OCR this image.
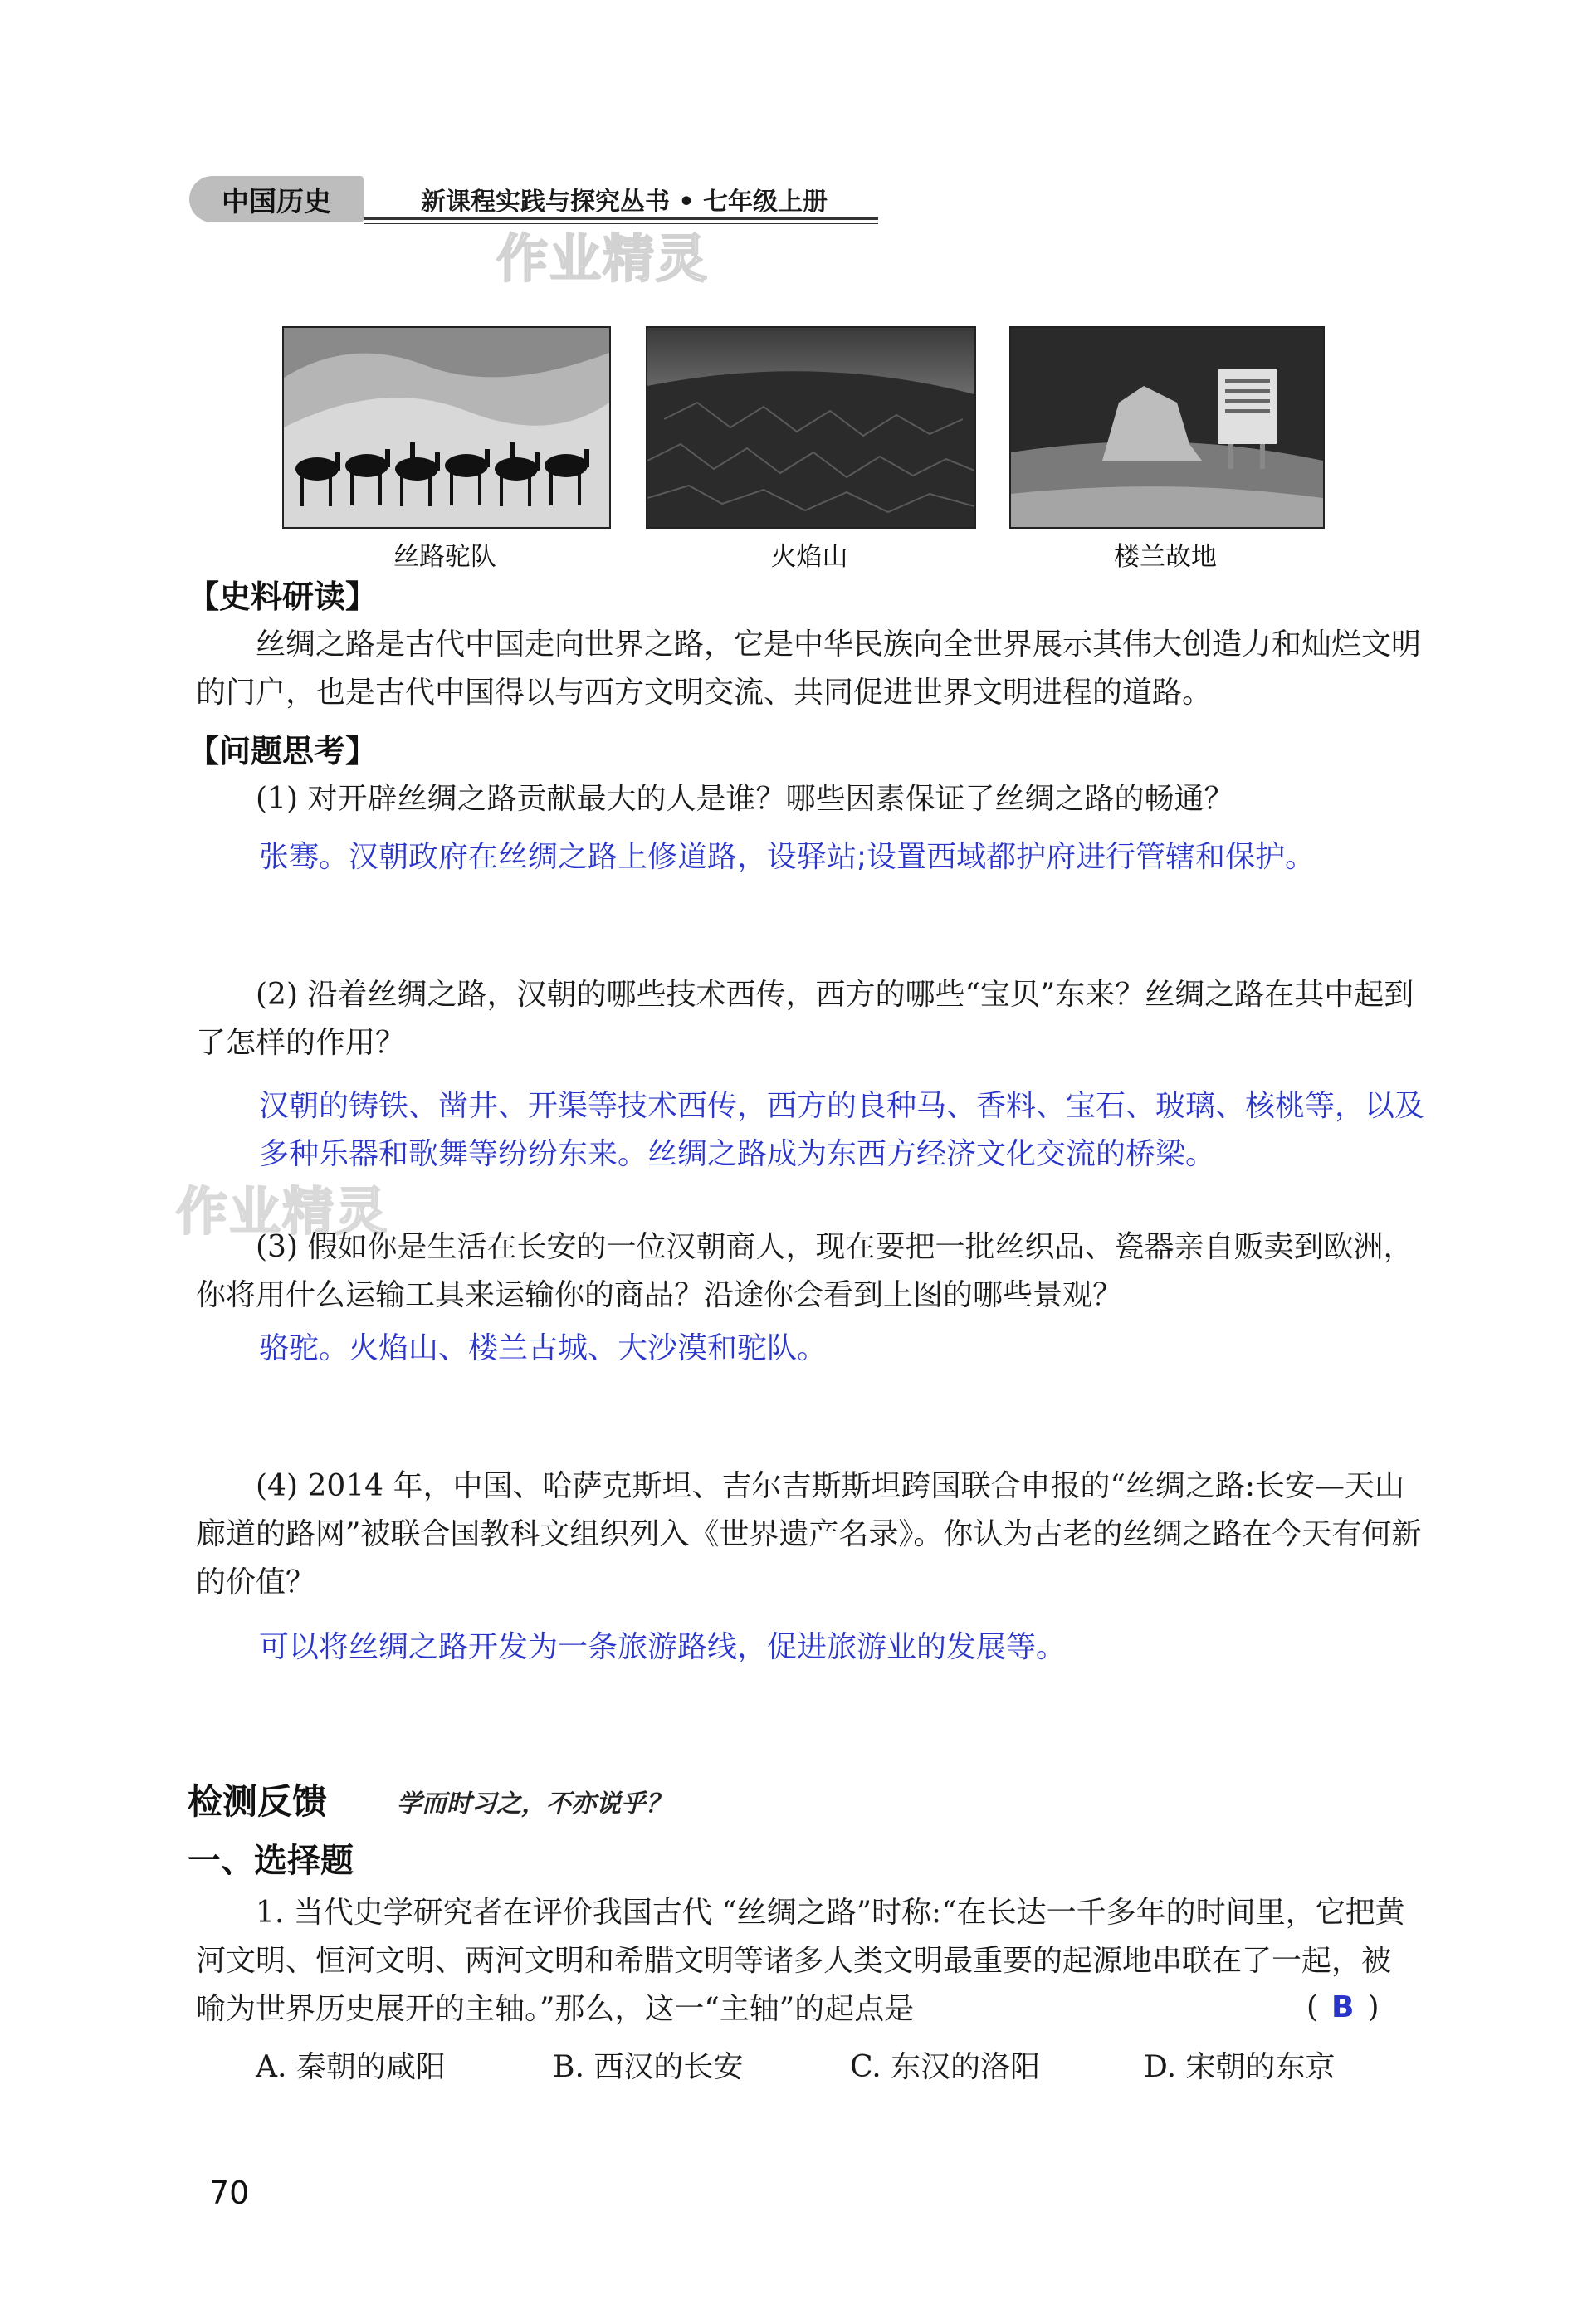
中国历史	新课程实践与探究丛书 • 七年级上册
作业精灵
丝路驼队	火焰山	楼兰故地
【史料研读】
丝绸之路是古代中国走向世界之路，它是中华民族向全世界展示其伟大创造力和灿烂文明的门户，也是古代中国得以与西方文明交流、共同促进世界文明进程的道路。
【问题思考】
(1) 对开辟丝绸之路贡献最大的人是谁？哪些因素保证了丝绸之路的畅通？
张骞。汉朝政府在丝绸之路上修道路，设驿站;设置西域都护府进行管辖和保护。
(2) 沿着丝绸之路，汉朝的哪些技术西传，西方的哪些“宝贝”东来？丝绸之路在其中起到了怎样的作用？
汉朝的铸铁、凿井、开渠等技术西传，西方的良种马、香料、宝石、玻璃、核桃等，以及多种乐器和歌舞等纷纷东来。丝绸之路成为东西方经济文化交流的桥梁。
作业精灵
(3) 假如你是生活在长安的一位汉朝商人，现在要把一批丝织品、瓷器亲自贩卖到欧洲，你将用什么运输工具来运输你的商品？沿途你会看到上图的哪些景观？
骆驼。火焰山、楼兰古城、大沙漠和驼队。
(4) 2014 年，中国、哈萨克斯坦、吉尔吉斯斯坦跨国联合申报的“丝绸之路:长安—天山廊道的路网”被联合国教科文组织列入《世界遗产名录》。你认为古老的丝绸之路在今天有何新的价值？
可以将丝绸之路开发为一条旅游路线，促进旅游业的发展等。
检测反馈	学而时习之，不亦说乎？
一、选择题
1. 当代史学研究者在评价我国古代 “丝绸之路”时称:“在长达一千多年的时间里，它把黄河文明、恒河文明、两河文明和希腊文明等诸多人类文明最重要的起源地串联在了一起，被喻为世界历史展开的主轴。”那么，这一“主轴”的起点是	( B )
A. 秦朝的咸阳	B. 西汉的长安	C. 东汉的洛阳	D. 宋朝的东京
70
